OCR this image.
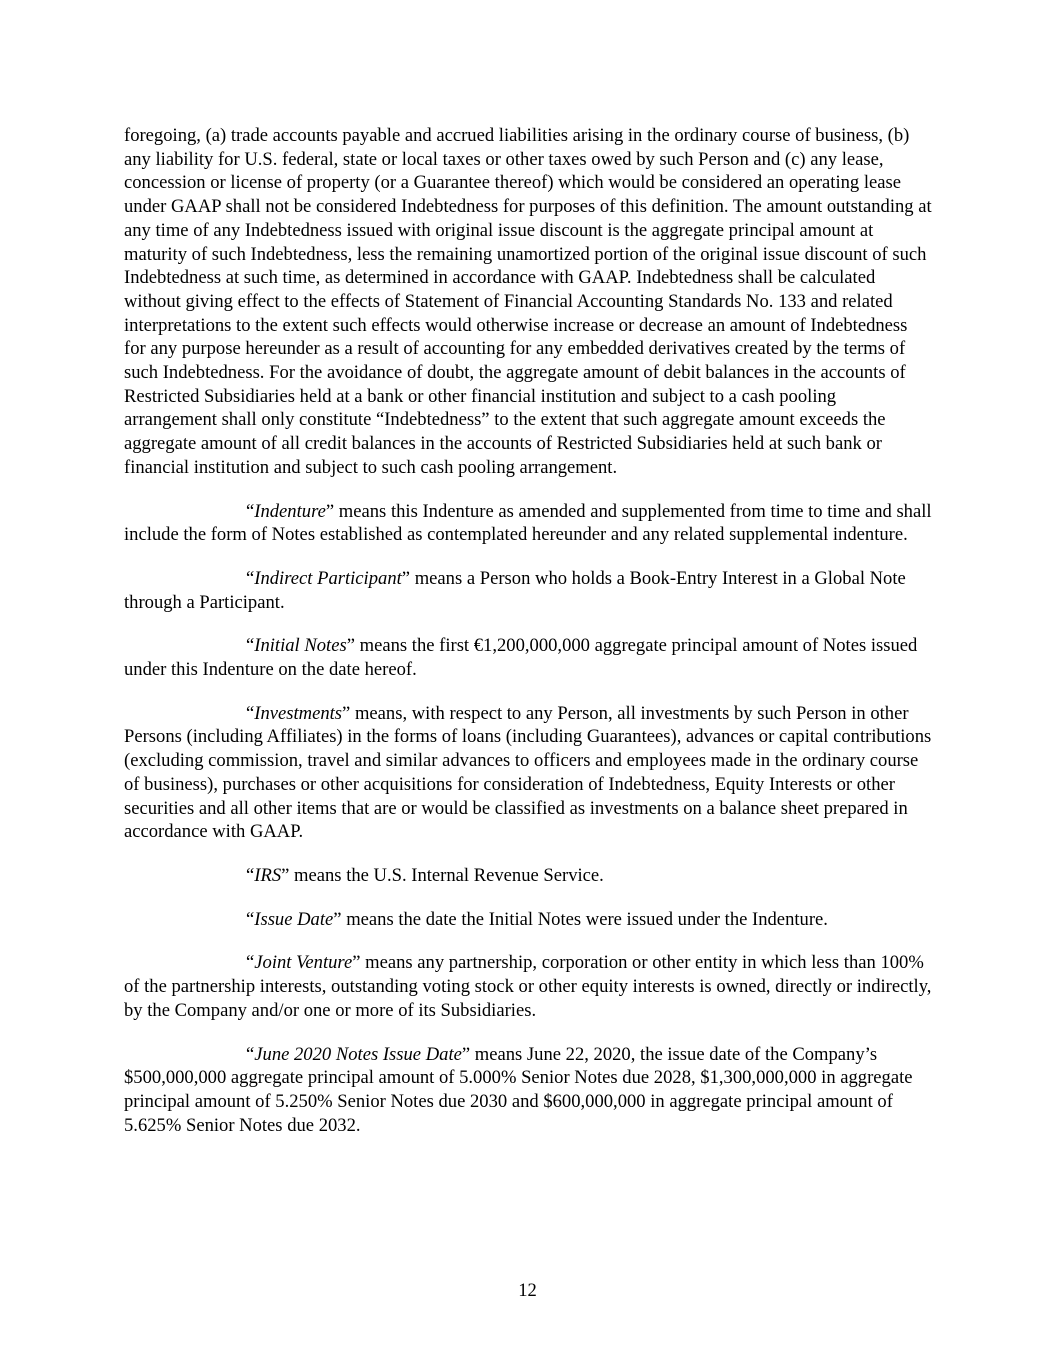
foregoing, (a) trade accounts payable and accrued liabilities arising in the ordinary course of business, (b) any liability for U.S. federal, state or local taxes or other taxes owed by such Person and (c) any lease, concession or license of property (or a Guarantee thereof) which would be considered an operating lease under GAAP shall not be considered Indebtedness for purposes of this definition. The amount outstanding at any time of any Indebtedness issued with original issue discount is the aggregate principal amount at maturity of such Indebtedness, less the remaining unamortized portion of the original issue discount of such Indebtedness at such time, as determined in accordance with GAAP. Indebtedness shall be calculated without giving effect to the effects of Statement of Financial Accounting Standards No. 133 and related interpretations to the extent such effects would otherwise increase or decrease an amount of Indebtedness for any purpose hereunder as a result of accounting for any embedded derivatives created by the terms of such Indebtedness. For the avoidance of doubt, the aggregate amount of debit balances in the accounts of Restricted Subsidiaries held at a bank or other financial institution and subject to a cash pooling arrangement shall only constitute “Indebtedness” to the extent that such aggregate amount exceeds the aggregate amount of all credit balances in the accounts of Restricted Subsidiaries held at such bank or financial institution and subject to such cash pooling arrangement.

“Indenture” means this Indenture as amended and supplemented from time to time and shall include the form of Notes established as contemplated hereunder and any related supplemental indenture.

“Indirect Participant” means a Person who holds a Book-Entry Interest in a Global Note through a Participant.

“Initial Notes” means the first €1,200,000,000 aggregate principal amount of Notes issued under this Indenture on the date hereof.

“Investments” means, with respect to any Person, all investments by such Person in other Persons (including Affiliates) in the forms of loans (including Guarantees), advances or capital contributions (excluding commission, travel and similar advances to officers and employees made in the ordinary course of business), purchases or other acquisitions for consideration of Indebtedness, Equity Interests or other securities and all other items that are or would be classified as investments on a balance sheet prepared in accordance with GAAP.

“IRS” means the U.S. Internal Revenue Service.

“Issue Date” means the date the Initial Notes were issued under the Indenture.

“Joint Venture” means any partnership, corporation or other entity in which less than 100% of the partnership interests, outstanding voting stock or other equity interests is owned, directly or indirectly, by the Company and/or one or more of its Subsidiaries.

“June 2020 Notes Issue Date” means June 22, 2020, the issue date of the Company’s $500,000,000 aggregate principal amount of 5.000% Senior Notes due 2028, $1,300,000,000 in aggregate principal amount of 5.250% Senior Notes due 2030 and $600,000,000 in aggregate principal amount of 5.625% Senior Notes due 2032.

12
